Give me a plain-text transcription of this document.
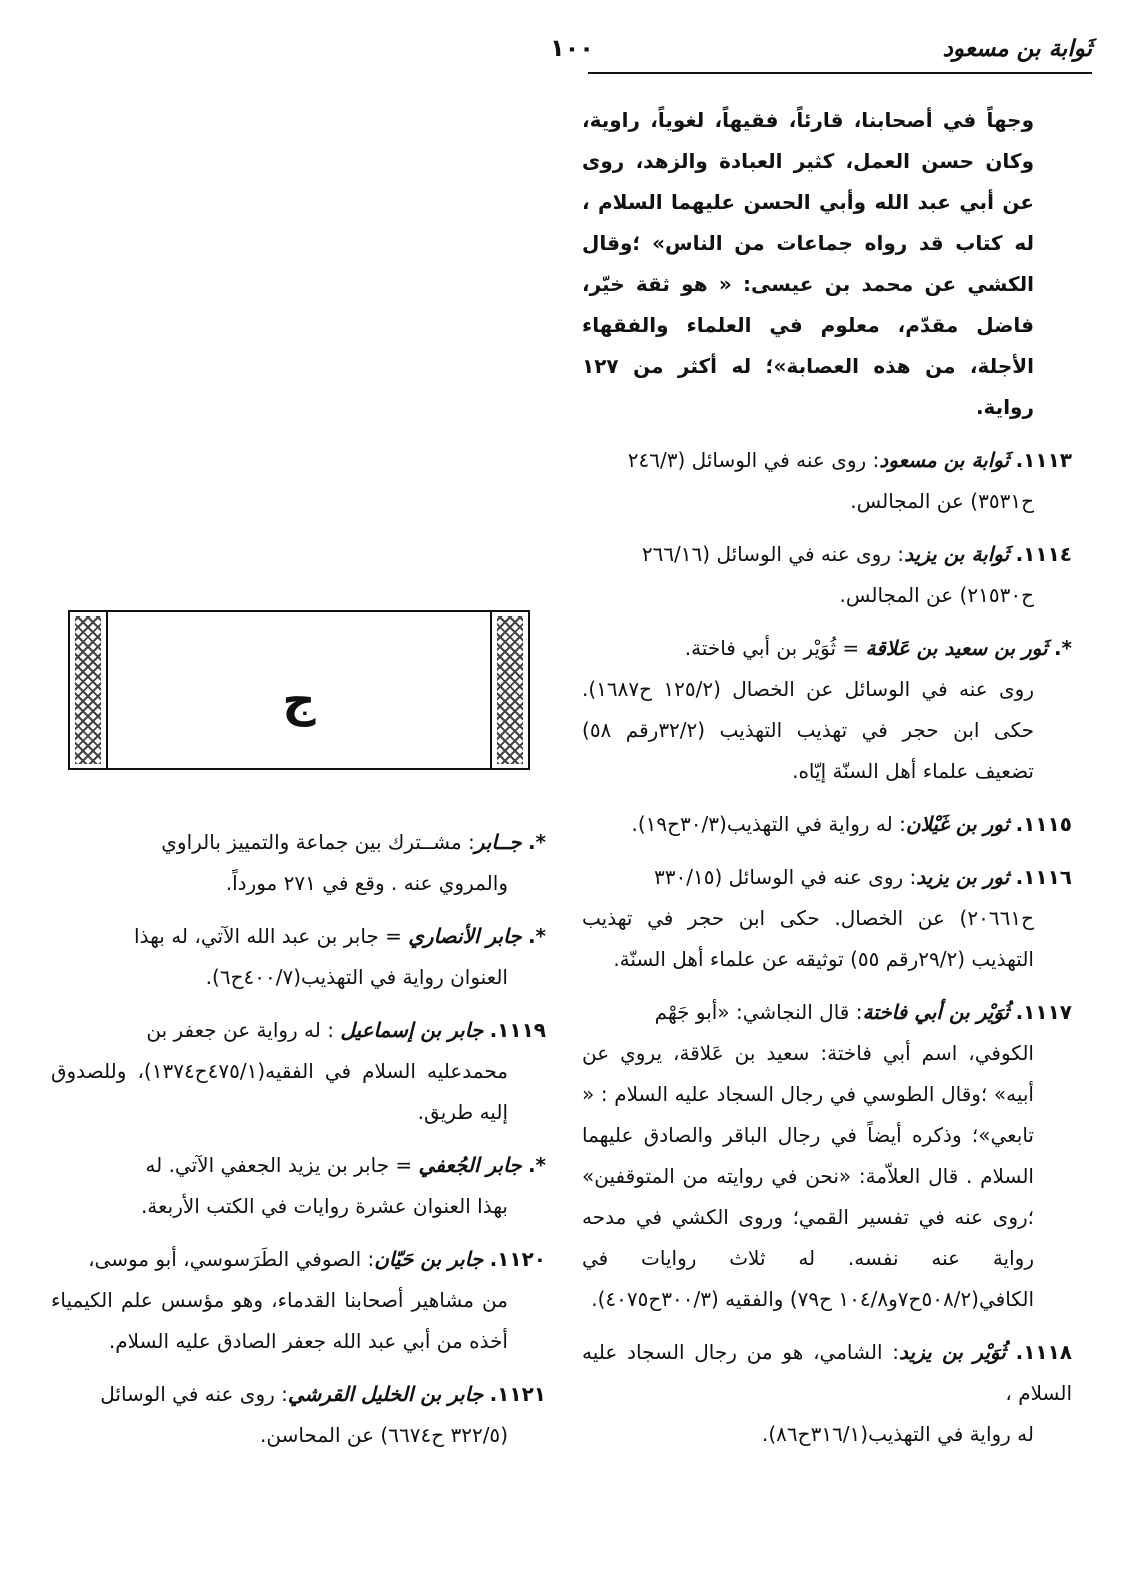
ثَوابة بن مسعود
١٠٠

وجهاً في أصحابنا، قارئاً، فقيهاً، لغوياً، راوية، وكان حسن العمل، كثير العبادة والزهد، روى عن أبي عبد الله وأبي الحسن عليهما السلام ، له كتاب قد رواه جماعات من الناس» ؛وقال الكشي عن محمد بن عيسى: « هو ثقة خيّر، فاضل مقدّم، معلوم في العلماء والفقهاء الأجلة، من هذه العصابة»؛ له أكثر من ١٢٧ رواية.

١١١٣. ثَوابة بن مسعود: روى عنه في الوسائل (٢٤٦/٣

ح٣٥٣١) عن المجالس.

١١١٤. ثَوابة بن يزيد: روى عنه في الوسائل (٢٦٦/١٦

ح٢١٥٣٠) عن المجالس.

*. ثَور بن سعيد بن عَلاقة = ثُوَيْر بن أبي فاختة.

روى عنه في الوسائل عن الخصال (١٢٥/٢ ح١٦٨٧). حكى ابن حجر في تهذيب التهذيب (٣٢/٢رقم ٥٨) تضعيف علماء أهل السنّة إيّاه.

١١١٥. ثور بن غَيْلان: له رواية في التهذيب(٣٠/٣ح١٩).

١١١٦. ثور بن يزيد: روى عنه في الوسائل (٣٣٠/١٥

ح٢٠٦٦١) عن الخصال. حكى ابن حجر في تهذيب التهذيب (٢٩/٢رقم ٥٥) توثيقه عن علماء أهل السنّة.

١١١٧. ثُوَيْر بن أبي فاختة: قال النجاشي: «أبو جَهْم

الكوفي، اسم أبي فاختة: سعيد بن عَلاقة، يروي عن أبيه» ؛وقال الطوسي في رجال السجاد عليه السلام : « تابعي»؛ وذكره أيضاً في رجال الباقر والصادق عليهما السلام . قال العلاّمة: «نحن في روايته من المتوقفين» ؛روى عنه في تفسير القمي؛ وروى الكشي في مدحه رواية عنه نفسه. له ثلاث روايات في الكافي(٥٠٨/٢ح٧و١٠٤/٨ ح٧٩) والفقيه (٣٠٠/٣ح٤٠٧٥).

١١١٨. ثُوَيْر بن يزيد: الشامي، هو من رجال السجاد عليه السلام ،

له رواية في التهذيب(٣١٦/١ح٨٦).

ج

*. جــابر: مشــترك بين جماعة والتمييز بالراوي

والمروي عنه . وقع في ٢٧١ مورداً.

*. جابر الأنصاري = جابر بن عبد الله الآتي، له بهذا

العنوان رواية في التهذيب(٤٠٠/٧ح٦).

١١١٩. جابر بن إسماعيل : له رواية عن جعفر بن

محمدعليه السلام في الفقيه(٤٧٥/١ح١٣٧٤)، وللصدوق إليه طريق.

*. جابر الجُعفي = جابر بن يزيد الجعفي الآتي. له

بهذا العنوان عشرة روايات في الكتب الأربعة.

١١٢٠. جابر بن حَيّان: الصوفي الطَرَسوسي، أبو موسى،

من مشاهير أصحابنا القدماء، وهو مؤسس علم الكيمياء أخذه من أبي عبد الله جعفر الصادق عليه السلام.

١١٢١. جابر بن الخليل القرشي: روى عنه في الوسائل

(٣٢٢/٥ ح٦٦٧٤) عن المحاسن.
